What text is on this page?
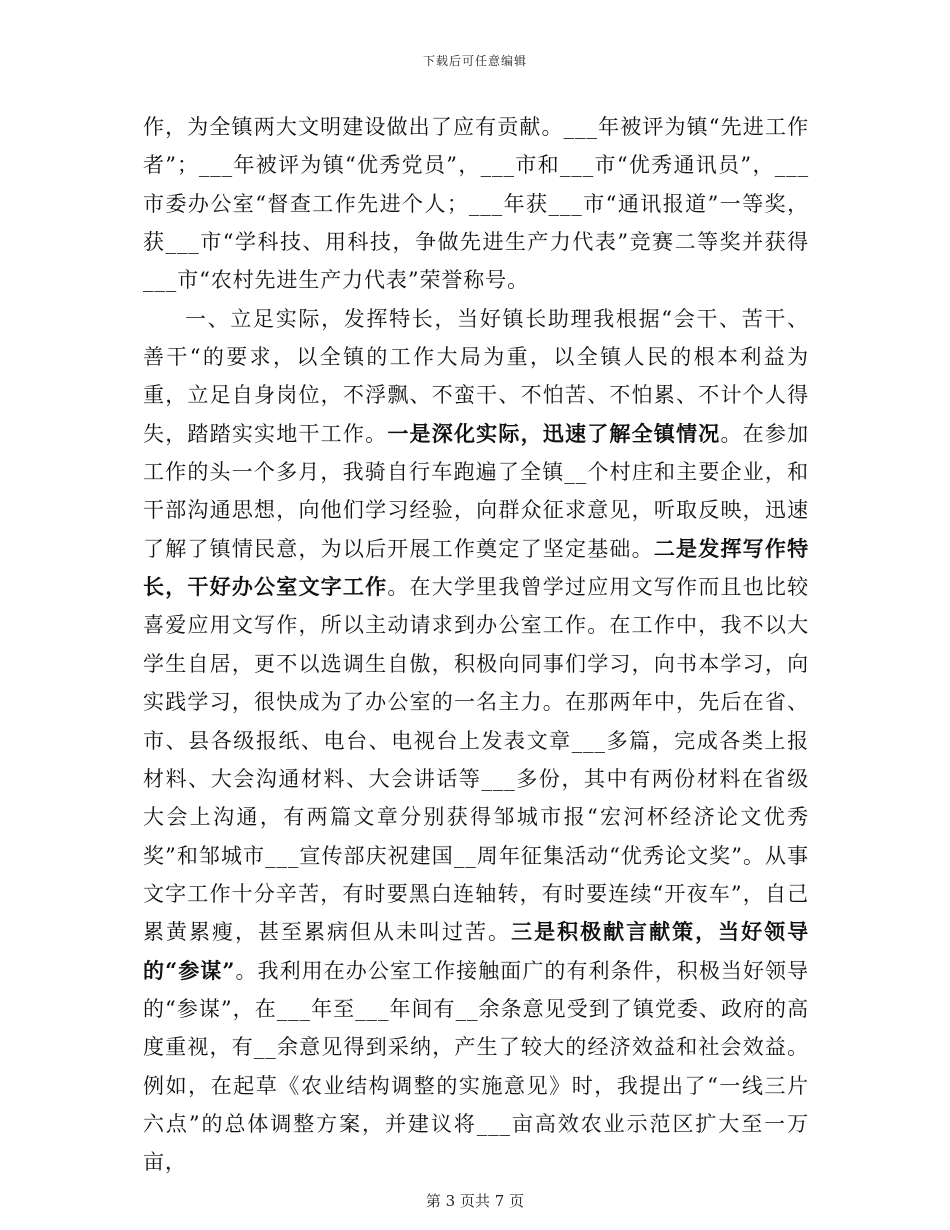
下载后可任意编辑

作，为全镇两大文明建设做出了应有贡献。___年被评为镇“先进工作者”；___年被评为镇“优秀党员”，___市和___市“优秀通讯员”，___市委办公室“督查工作先进个人；___年获___市“通讯报道”一等奖，获___市“学科技、用科技，争做先进生产力代表”竞赛二等奖并获得___市“农村先进生产力代表”荣誉称号。

一、立足实际，发挥特长，当好镇长助理我根据“会干、苦干、善干“的要求，以全镇的工作大局为重，以全镇人民的根本利益为重，立足自身岗位，不浮飘、不蛮干、不怕苦、不怕累、不计个人得失，踏踏实实地干工作。一是深化实际，迅速了解全镇情况。在参加工作的头一个多月，我骑自行车跑遍了全镇__个村庄和主要企业，和干部沟通思想，向他们学习经验，向群众征求意见，听取反映，迅速了解了镇情民意，为以后开展工作奠定了坚定基础。二是发挥写作特长，干好办公室文字工作。在大学里我曾学过应用文写作而且也比较喜爱应用文写作，所以主动请求到办公室工作。在工作中，我不以大学生自居，更不以选调生自傲，积极向同事们学习，向书本学习，向实践学习，很快成为了办公室的一名主力。在那两年中，先后在省、市、县各级报纸、电台、电视台上发表文章___多篇，完成各类上报材料、大会沟通材料、大会讲话等___多份，其中有两份材料在省级大会上沟通，有两篇文章分别获得邹城市报“宏河杯经济论文优秀奖”和邹城市___宣传部庆祝建国__周年征集活动“优秀论文奖”。从事文字工作十分辛苦，有时要黑白连轴转，有时要连续“开夜车”，自己累黄累瘦，甚至累病但从未叫过苦。三是积极献言献策，当好领导的“参谋”。我利用在办公室工作接触面广的有利条件，积极当好领导的“参谋”，在___年至___年间有__余条意见受到了镇党委、政府的高度重视，有__余意见得到采纳，产生了较大的经济效益和社会效益。例如，在起草《农业结构调整的实施意见》时，我提出了“一线三片六点”的总体调整方案，并建议将___亩高效农业示范区扩大至一万亩，

第 3 页共 7 页
